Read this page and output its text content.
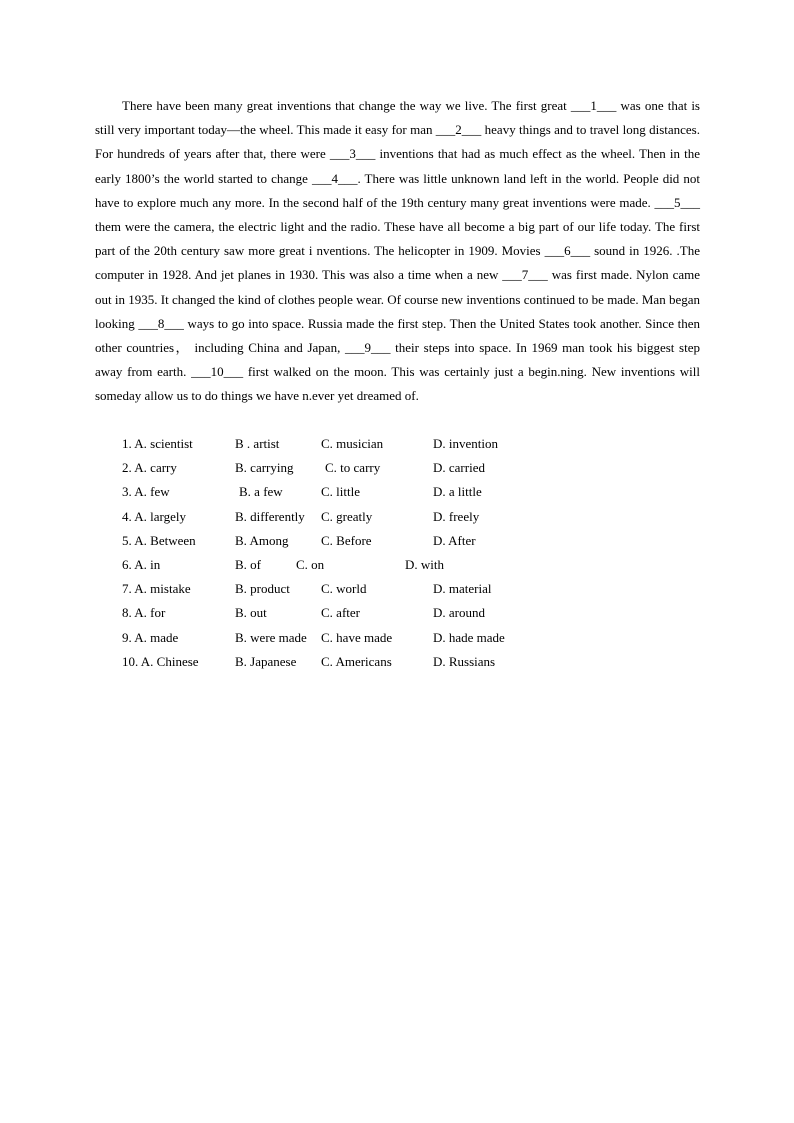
There have been many great inventions that change the way we live. The first great ___1___ was one that is still very important today—the wheel. This made it easy for man ___2___ heavy things and to travel long distances. For hundreds of years after that, there were ___3___ inventions that had as much effect as the wheel. Then in the early 1800’s the world started to change ___4___. There was little unknown land left in the world. People did not have to explore much any more. In the second half of the 19th century many great inventions were made. ___5___ them were the camera, the electric light and the radio. These have all become a big part of our life today. The first part of the 20th century saw more great i nventions. The helicopter in 1909. Movies ___6___ sound in 1926. .The computer in 1928. And jet planes in 1930. This was also a time when a new ___7___ was first made. Nylon came out in 1935. It changed the kind of clothes people wear. Of course new inventions continued to be made. Man began looking ___8___ ways to go into space. Russia made the first step. Then the United States took another. Since then other countries， including China and Japan, ___9___ their steps into space. In 1969 man took his biggest step away from earth. ___10___ first walked on the moon. This was certainly just a begin.ning. New inventions will someday allow us to do things we have n.ever yet dreamed of.

1. A. scientist	B . artist	C. musician	D. invention
2. A. carry	B. carrying C. to carry	D. carried
3. A. few	B. a few	C. little	D. a little
4. A. largely	B. differently C. greatly	D. freely
5. A. Between	B. Among	C. Before	D. After
6. A. in	B. of	C. on	D. with
7. A. mistake	B. product C. world	D. material
8. A. for	B. out	C. after	D. around
9. A. made	B. were made C. have made	D. hade made
10. A. Chinese	B. Japanese C. Americans	D. Russians
